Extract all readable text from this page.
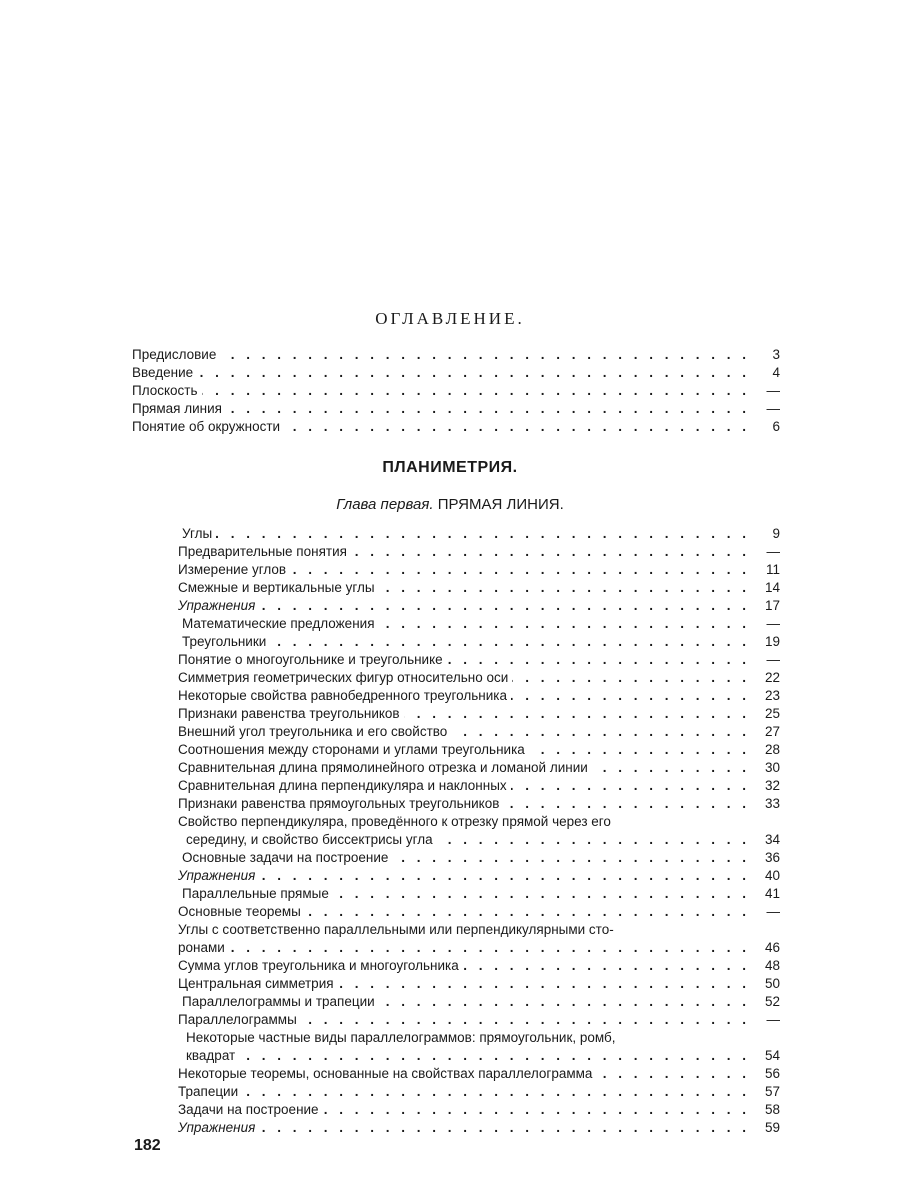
ОГЛАВЛЕНИЕ.
Предисловие . . .	3
Введение . . .	4
Плоскость . . .	—
Прямая линия . . .	—
Понятие об окружности . . .	6
ПЛАНИМЕТРИЯ.
Глава первая. ПРЯМАЯ ЛИНИЯ.
Углы . . .	9
Предварительные понятия . . .	—
Измерение углов . . .	11
Смежные и вертикальные углы . . .	14
Упражнения . . .	17
Математические предложения . . .	—
Треугольники . . .	19
Понятие о многоугольнике и треугольнике . . .	—
Симметрия геометрических фигур относительно оси . . .	22
Некоторые свойства равнобедренного треугольника . . .	23
Признаки равенства треугольников . . .	25
Внешний угол треугольника и его свойство . . .	27
Соотношения между сторонами и углами треугольника . . .	28
Сравнительная длина прямолинейного отрезка и ломаной линии . . .	30
Сравнительная длина перпендикуляра и наклонных . . .	32
Признаки равенства прямоугольных треугольников . . .	33
Свойство перпендикуляра, проведённого к отрезку прямой через его
середину, и свойство биссектрисы угла . . .	34
Основные задачи на построение . . .	36
Упражнения . . .	40
Параллельные прямые . . .	41
Основные теоремы . . .	—
Углы с соответственно параллельными или перпендикулярными сто-
ронами . . .	46
Сумма углов треугольника и многоугольника . . .	48
Центральная симметрия . . .	50
Параллелограммы и трапеции . . .	52
Параллелограммы . . .	—
Некоторые частные виды параллелограммов: прямоугольник, ромб,
квадрат . . .	54
Некоторые теоремы, основанные на свойствах параллелограмма . . .	56
Трапеции . . .	57
Задачи на построение . . .	58
Упражнения . . .	59
182
